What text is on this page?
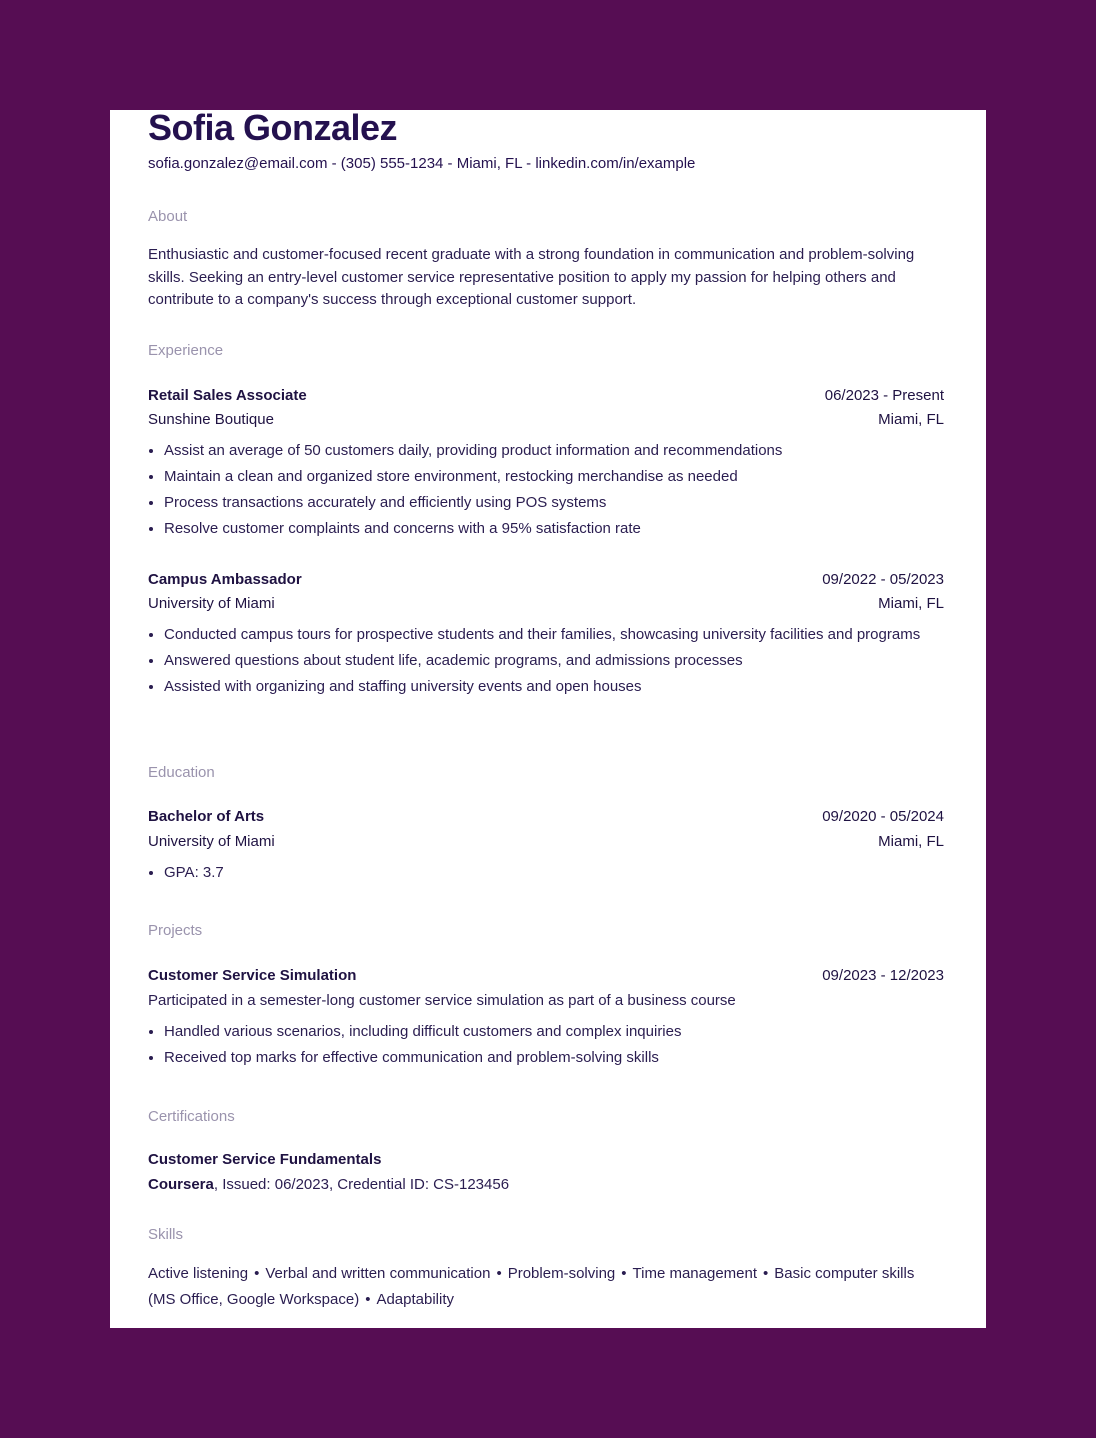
Sofia Gonzalez
sofia.gonzalez@email.com - (305) 555-1234 - Miami, FL - linkedin.com/in/example
About
Enthusiastic and customer-focused recent graduate with a strong foundation in communication and problem-solving skills. Seeking an entry-level customer service representative position to apply my passion for helping others and contribute to a company's success through exceptional customer support.
Experience
Retail Sales Associate	06/2023 - Present
Sunshine Boutique	Miami, FL
• Assist an average of 50 customers daily, providing product information and recommendations
• Maintain a clean and organized store environment, restocking merchandise as needed
• Process transactions accurately and efficiently using POS systems
• Resolve customer complaints and concerns with a 95% satisfaction rate
Campus Ambassador	09/2022 - 05/2023
University of Miami	Miami, FL
• Conducted campus tours for prospective students and their families, showcasing university facilities and programs
• Answered questions about student life, academic programs, and admissions processes
• Assisted with organizing and staffing university events and open houses
Education
Bachelor of Arts	09/2020 - 05/2024
University of Miami	Miami, FL
• GPA: 3.7
Projects
Customer Service Simulation	09/2023 - 12/2023
Participated in a semester-long customer service simulation as part of a business course
• Handled various scenarios, including difficult customers and complex inquiries
• Received top marks for effective communication and problem-solving skills
Certifications
Customer Service Fundamentals
Coursera, Issued: 06/2023, Credential ID: CS-123456
Skills
Active listening • Verbal and written communication • Problem-solving • Time management • Basic computer skills (MS Office, Google Workspace) • Adaptability
